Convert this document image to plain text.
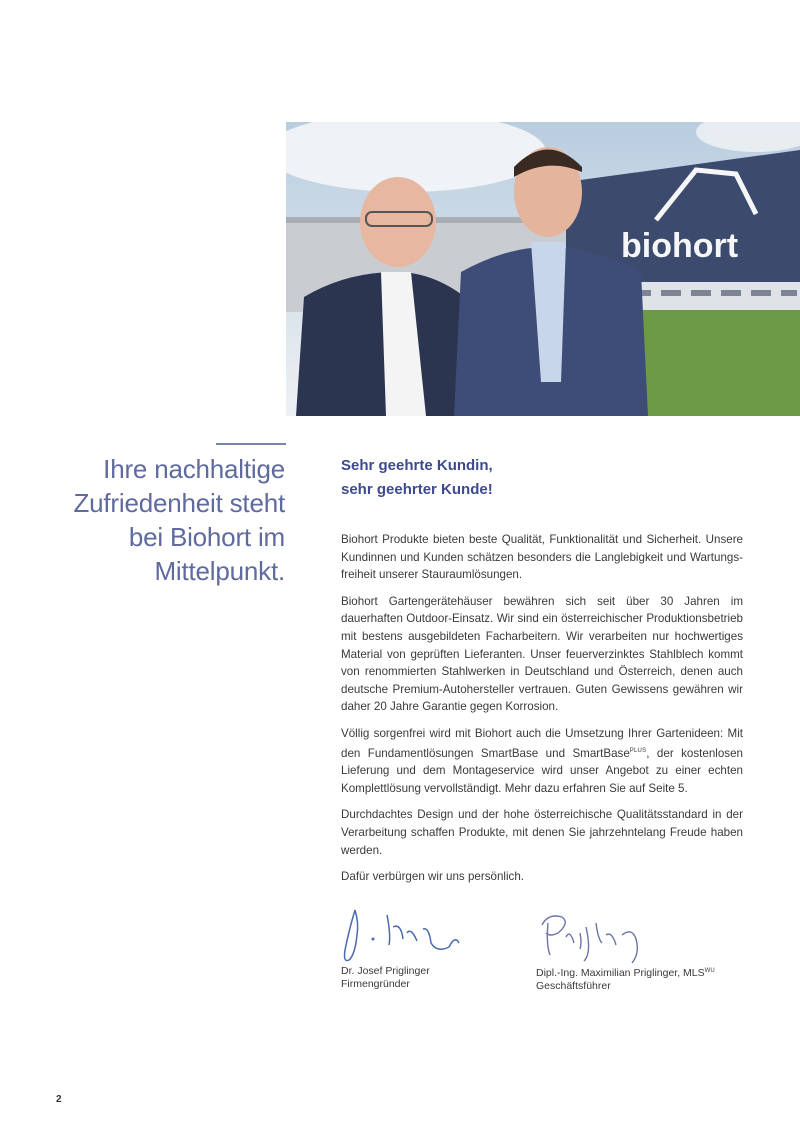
biohort
Ihre nachhaltige
Zufriedenheit steht
bei Biohort im
Mittelpunkt.
Sehr geehrte Kundin,
sehr geehrter Kunde!

Biohort Produkte bieten beste Qualität, Funktionalität und Sicherheit. Unsere Kundinnen und Kunden schätzen besonders die Langlebigkeit und Wartungs-freiheit unserer Stauraumlösungen.

Biohort Gartengerätehäuser bewähren sich seit über 30 Jahren im dauerhaften Outdoor-Einsatz. Wir sind ein österreichischer Produktionsbetrieb mit bestens ausgebildeten Facharbeitern. Wir verarbeiten nur hochwertiges Material von geprüften Lieferanten. Unser feuerverzinktes Stahlblech kommt von renommierten Stahlwerken in Deutschland und Österreich, denen auch deutsche Premium-Autohersteller vertrauen. Guten Gewissens gewähren wir daher 20 Jahre Garantie gegen Korrosion.

Völlig sorgenfrei wird mit Biohort auch die Umsetzung Ihrer Gartenideen: Mit den Fundamentlösungen SmartBase und SmartBase$^{PLUS}$, der kostenlosen Lieferung und dem Montageservice wird unser Angebot zu einer echten Komplettlösung vervollständigt. Mehr dazu erfahren Sie auf Seite 5.

Durchdachtes Design und der hohe österreichische Qualitätsstandard in der Verarbeitung schaffen Produkte, mit denen Sie jahrzehntelang Freude haben werden.

Dafür verbürgen wir uns persönlich.

Dr. Josef Priglinger
Firmengründer
Dipl.-Ing. Maximilian Priglinger, $MLS^{WU}$
Geschäftsführer
2
